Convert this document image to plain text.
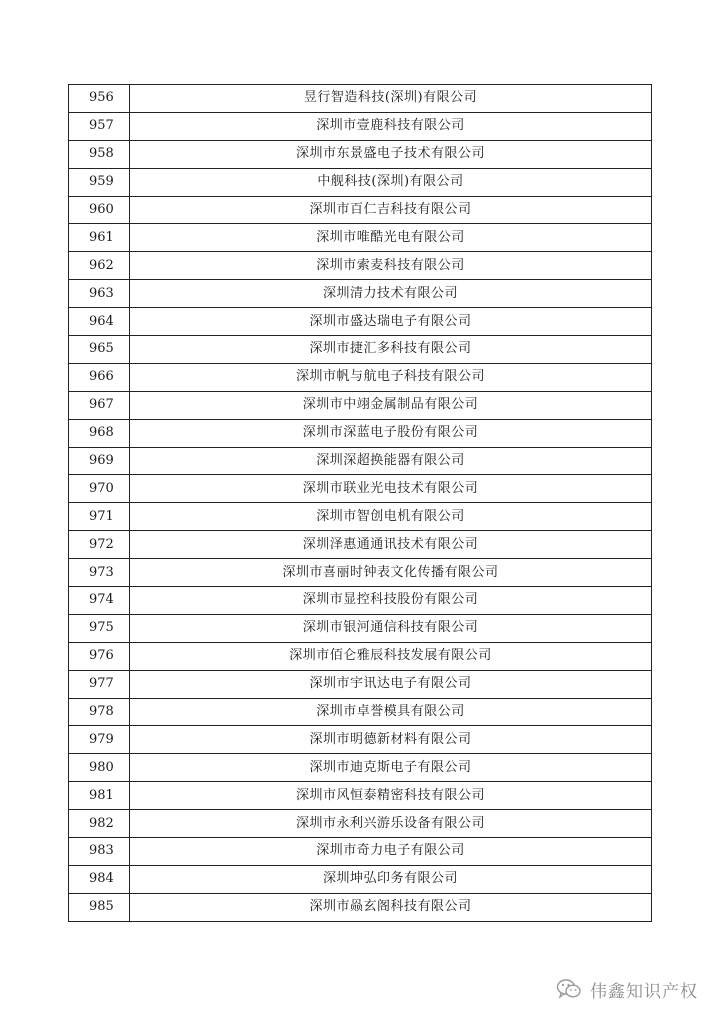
956	昱行智造科技(深圳)有限公司
957	深圳市壹鹿科技有限公司
958	深圳市东景盛电子技术有限公司
959	中舰科技(深圳)有限公司
960	深圳市百仁吉科技有限公司
961	深圳市唯酷光电有限公司
962	深圳市索麦科技有限公司
963	深圳清力技术有限公司
964	深圳市盛达瑞电子有限公司
965	深圳市捷汇多科技有限公司
966	深圳市帆与航电子科技有限公司
967	深圳市中翊金属制品有限公司
968	深圳市深蓝电子股份有限公司
969	深圳深超换能器有限公司
970	深圳市联业光电技术有限公司
971	深圳市智创电机有限公司
972	深圳泽惠通通讯技术有限公司
973	深圳市喜丽时钟表文化传播有限公司
974	深圳市显控科技股份有限公司
975	深圳市银河通信科技有限公司
976	深圳市佰仑雅辰科技发展有限公司
977	深圳市宇讯达电子有限公司
978	深圳市卓誉模具有限公司
979	深圳市明德新材料有限公司
980	深圳市迪克斯电子有限公司
981	深圳市风恒泰精密科技有限公司
982	深圳市永利兴游乐设备有限公司
983	深圳市奇力电子有限公司
984	深圳坤弘印务有限公司
985	深圳市赑玄阁科技有限公司
伟鑫知识产权
